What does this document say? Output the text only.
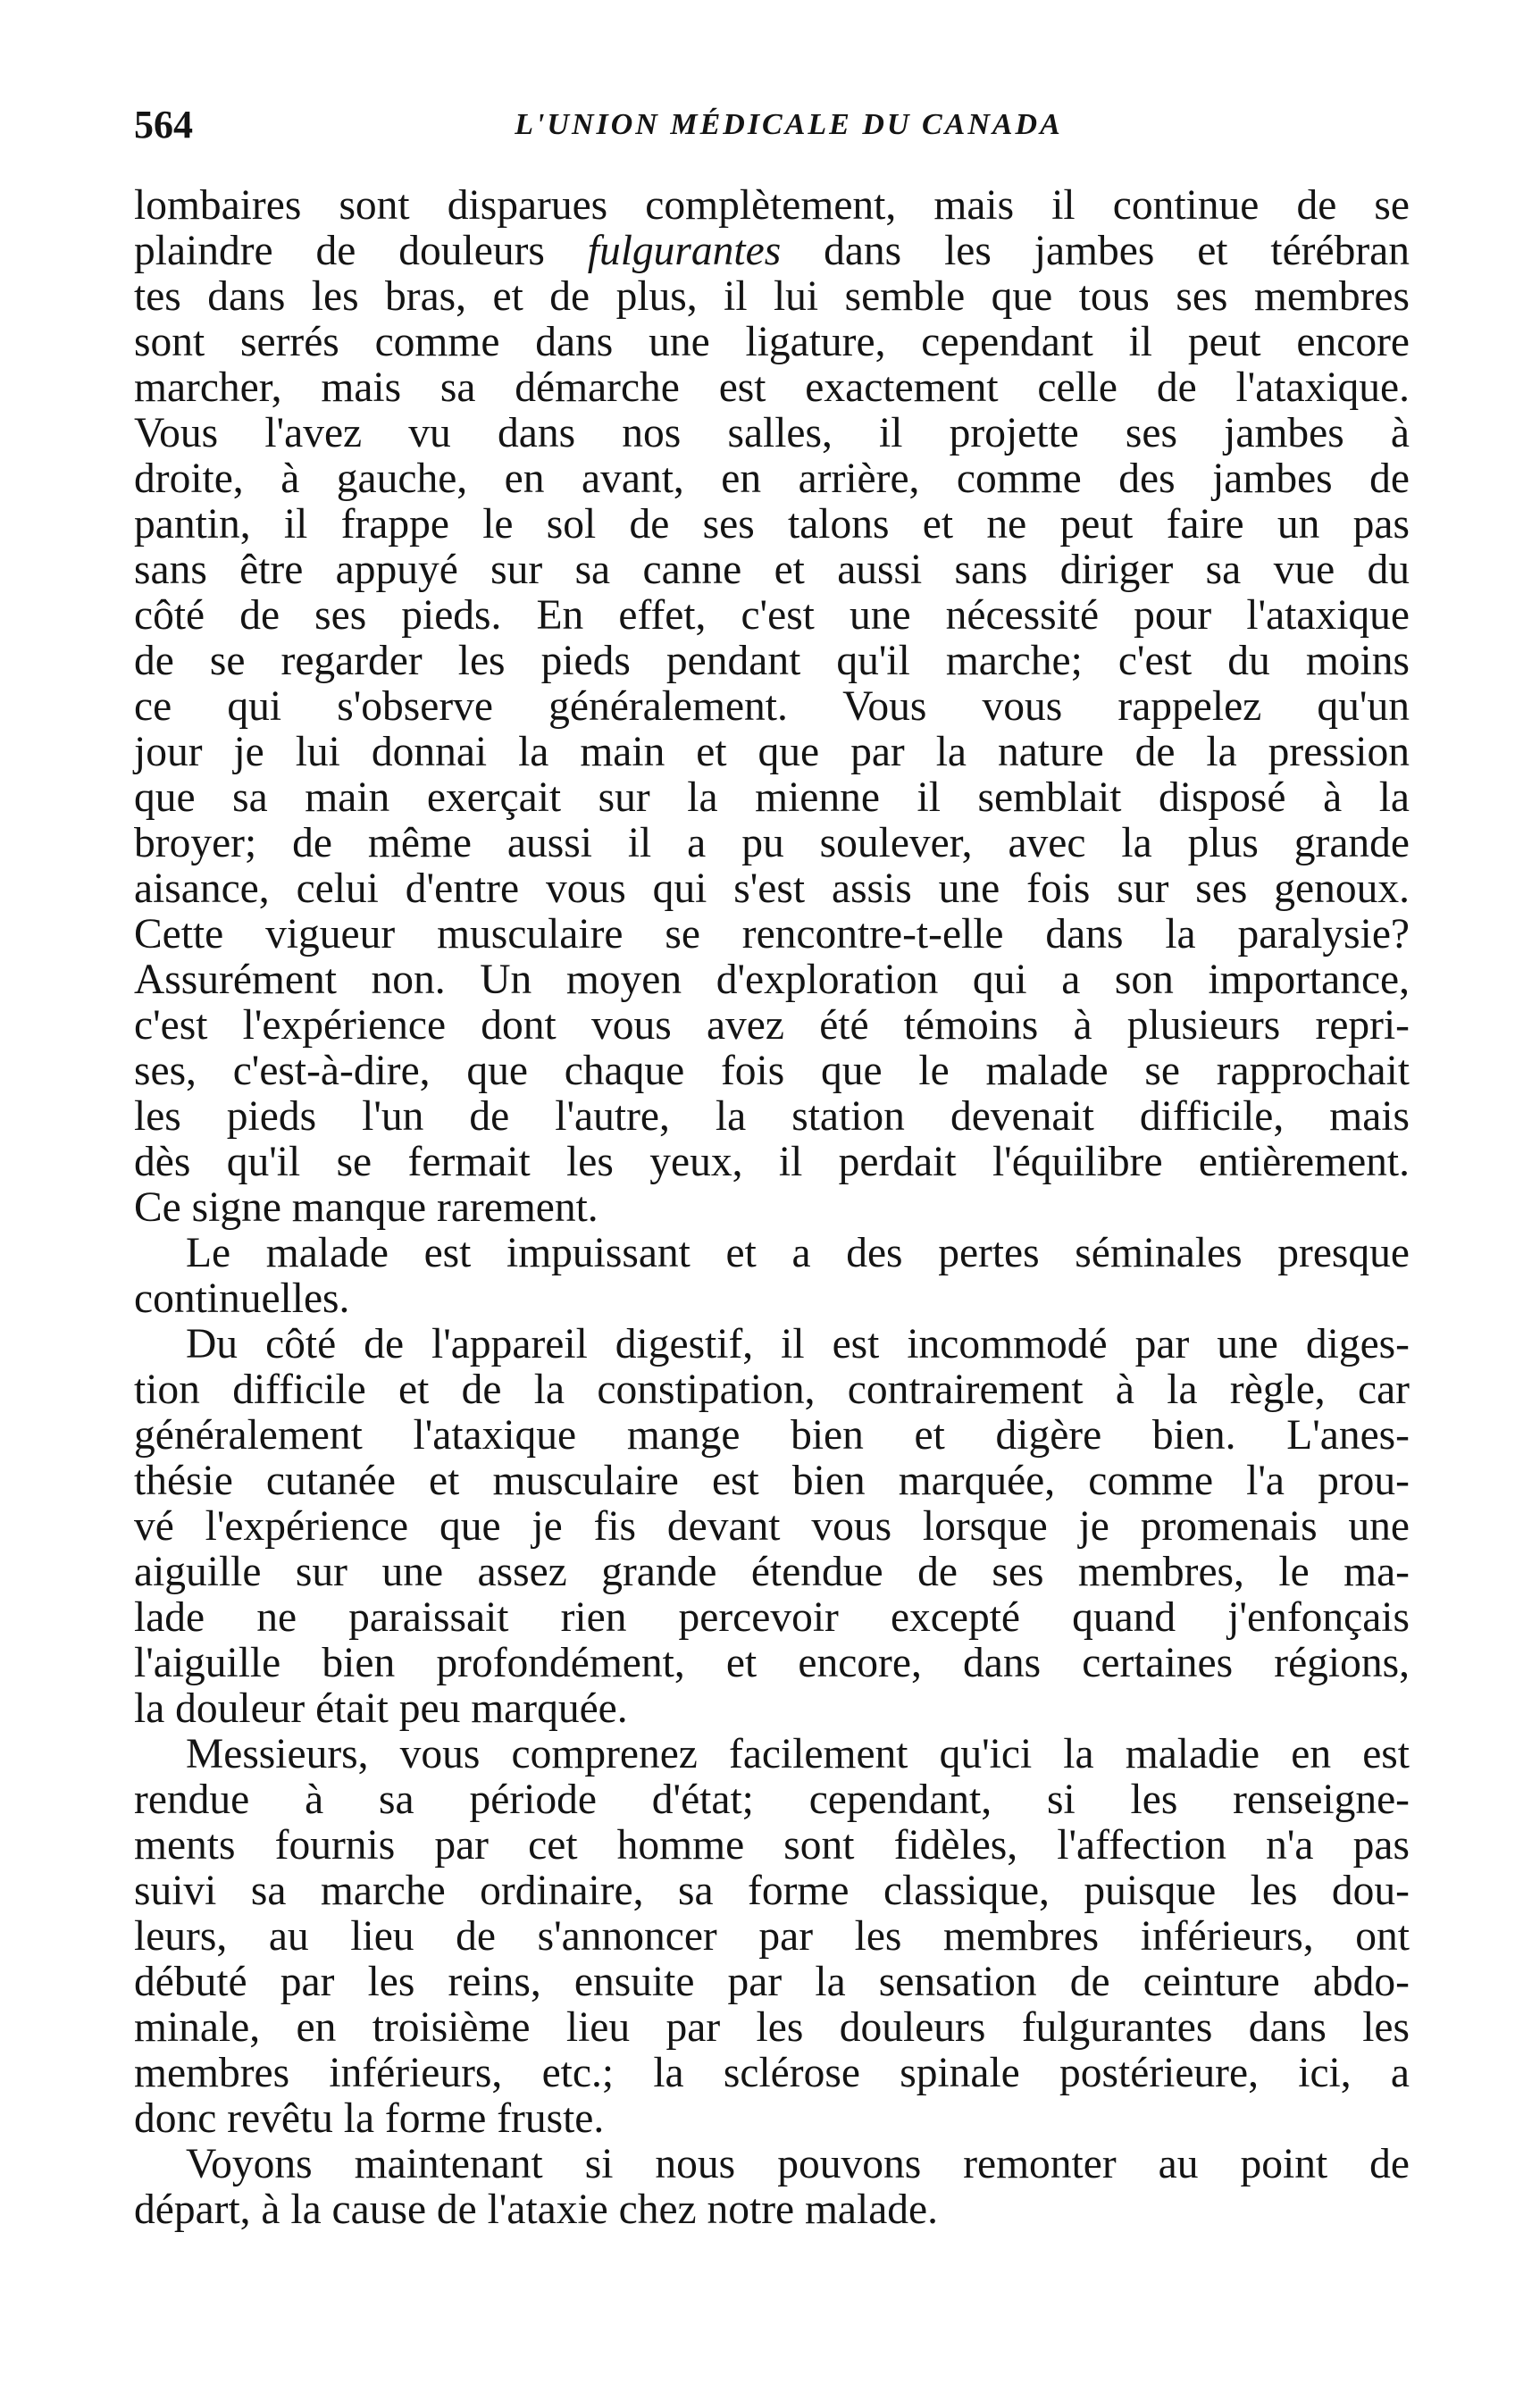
564	L'UNION MÉDICALE DU CANADA
lombaires sont disparues complètement, mais il continue de se
plaindre de douleurs fulgurantes dans les jambes et térébran
tes dans les bras, et de plus, il lui semble que tous ses membres
sont serrés comme dans une ligature, cependant il peut encore
marcher, mais sa démarche est exactement celle de l'ataxique.
Vous l'avez vu dans nos salles, il projette ses jambes à
droite, à gauche, en avant, en arrière, comme des jambes de
pantin, il frappe le sol de ses talons et ne peut faire un pas
sans être appuyé sur sa canne et aussi sans diriger sa vue du
côté de ses pieds. En effet, c'est une nécessité pour l'ataxique
de se regarder les pieds pendant qu'il marche; c'est du moins
ce qui s'observe généralement. Vous vous rappelez qu'un
jour je lui donnai la main et que par la nature de la pression
que sa main exerçait sur la mienne il semblait disposé à la
broyer; de même aussi il a pu soulever, avec la plus grande
aisance, celui d'entre vous qui s'est assis une fois sur ses genoux.
Cette vigueur musculaire se rencontre-t-elle dans la paralysie?
Assurément non. Un moyen d'exploration qui a son importance,
c'est l'expérience dont vous avez été témoins à plusieurs repri-
ses, c'est-à-dire, que chaque fois que le malade se rapprochait
les pieds l'un de l'autre, la station devenait difficile, mais
dès qu'il se fermait les yeux, il perdait l'équilibre entièrement.
Ce signe manque rarement.
Le malade est impuissant et a des pertes séminales presque
continuelles.
Du côté de l'appareil digestif, il est incommodé par une diges-
tion difficile et de la constipation, contrairement à la règle, car
généralement l'ataxique mange bien et digère bien. L'anes-
thésie cutanée et musculaire est bien marquée, comme l'a prou-
vé l'expérience que je fis devant vous lorsque je promenais une
aiguille sur une assez grande étendue de ses membres, le ma-
lade ne paraissait rien percevoir excepté quand j'enfonçais
l'aiguille bien profondément, et encore, dans certaines régions,
la douleur était peu marquée.
Messieurs, vous comprenez facilement qu'ici la maladie en est
rendue à sa période d'état; cependant, si les renseigne-
ments fournis par cet homme sont fidèles, l'affection n'a pas
suivi sa marche ordinaire, sa forme classique, puisque les dou-
leurs, au lieu de s'annoncer par les membres inférieurs, ont
débuté par les reins, ensuite par la sensation de ceinture abdo-
minale, en troisième lieu par les douleurs fulgurantes dans les
membres inférieurs, etc.; la sclérose spinale postérieure, ici, a
donc revêtu la forme fruste.
Voyons maintenant si nous pouvons remonter au point de
départ, à la cause de l'ataxie chez notre malade.
